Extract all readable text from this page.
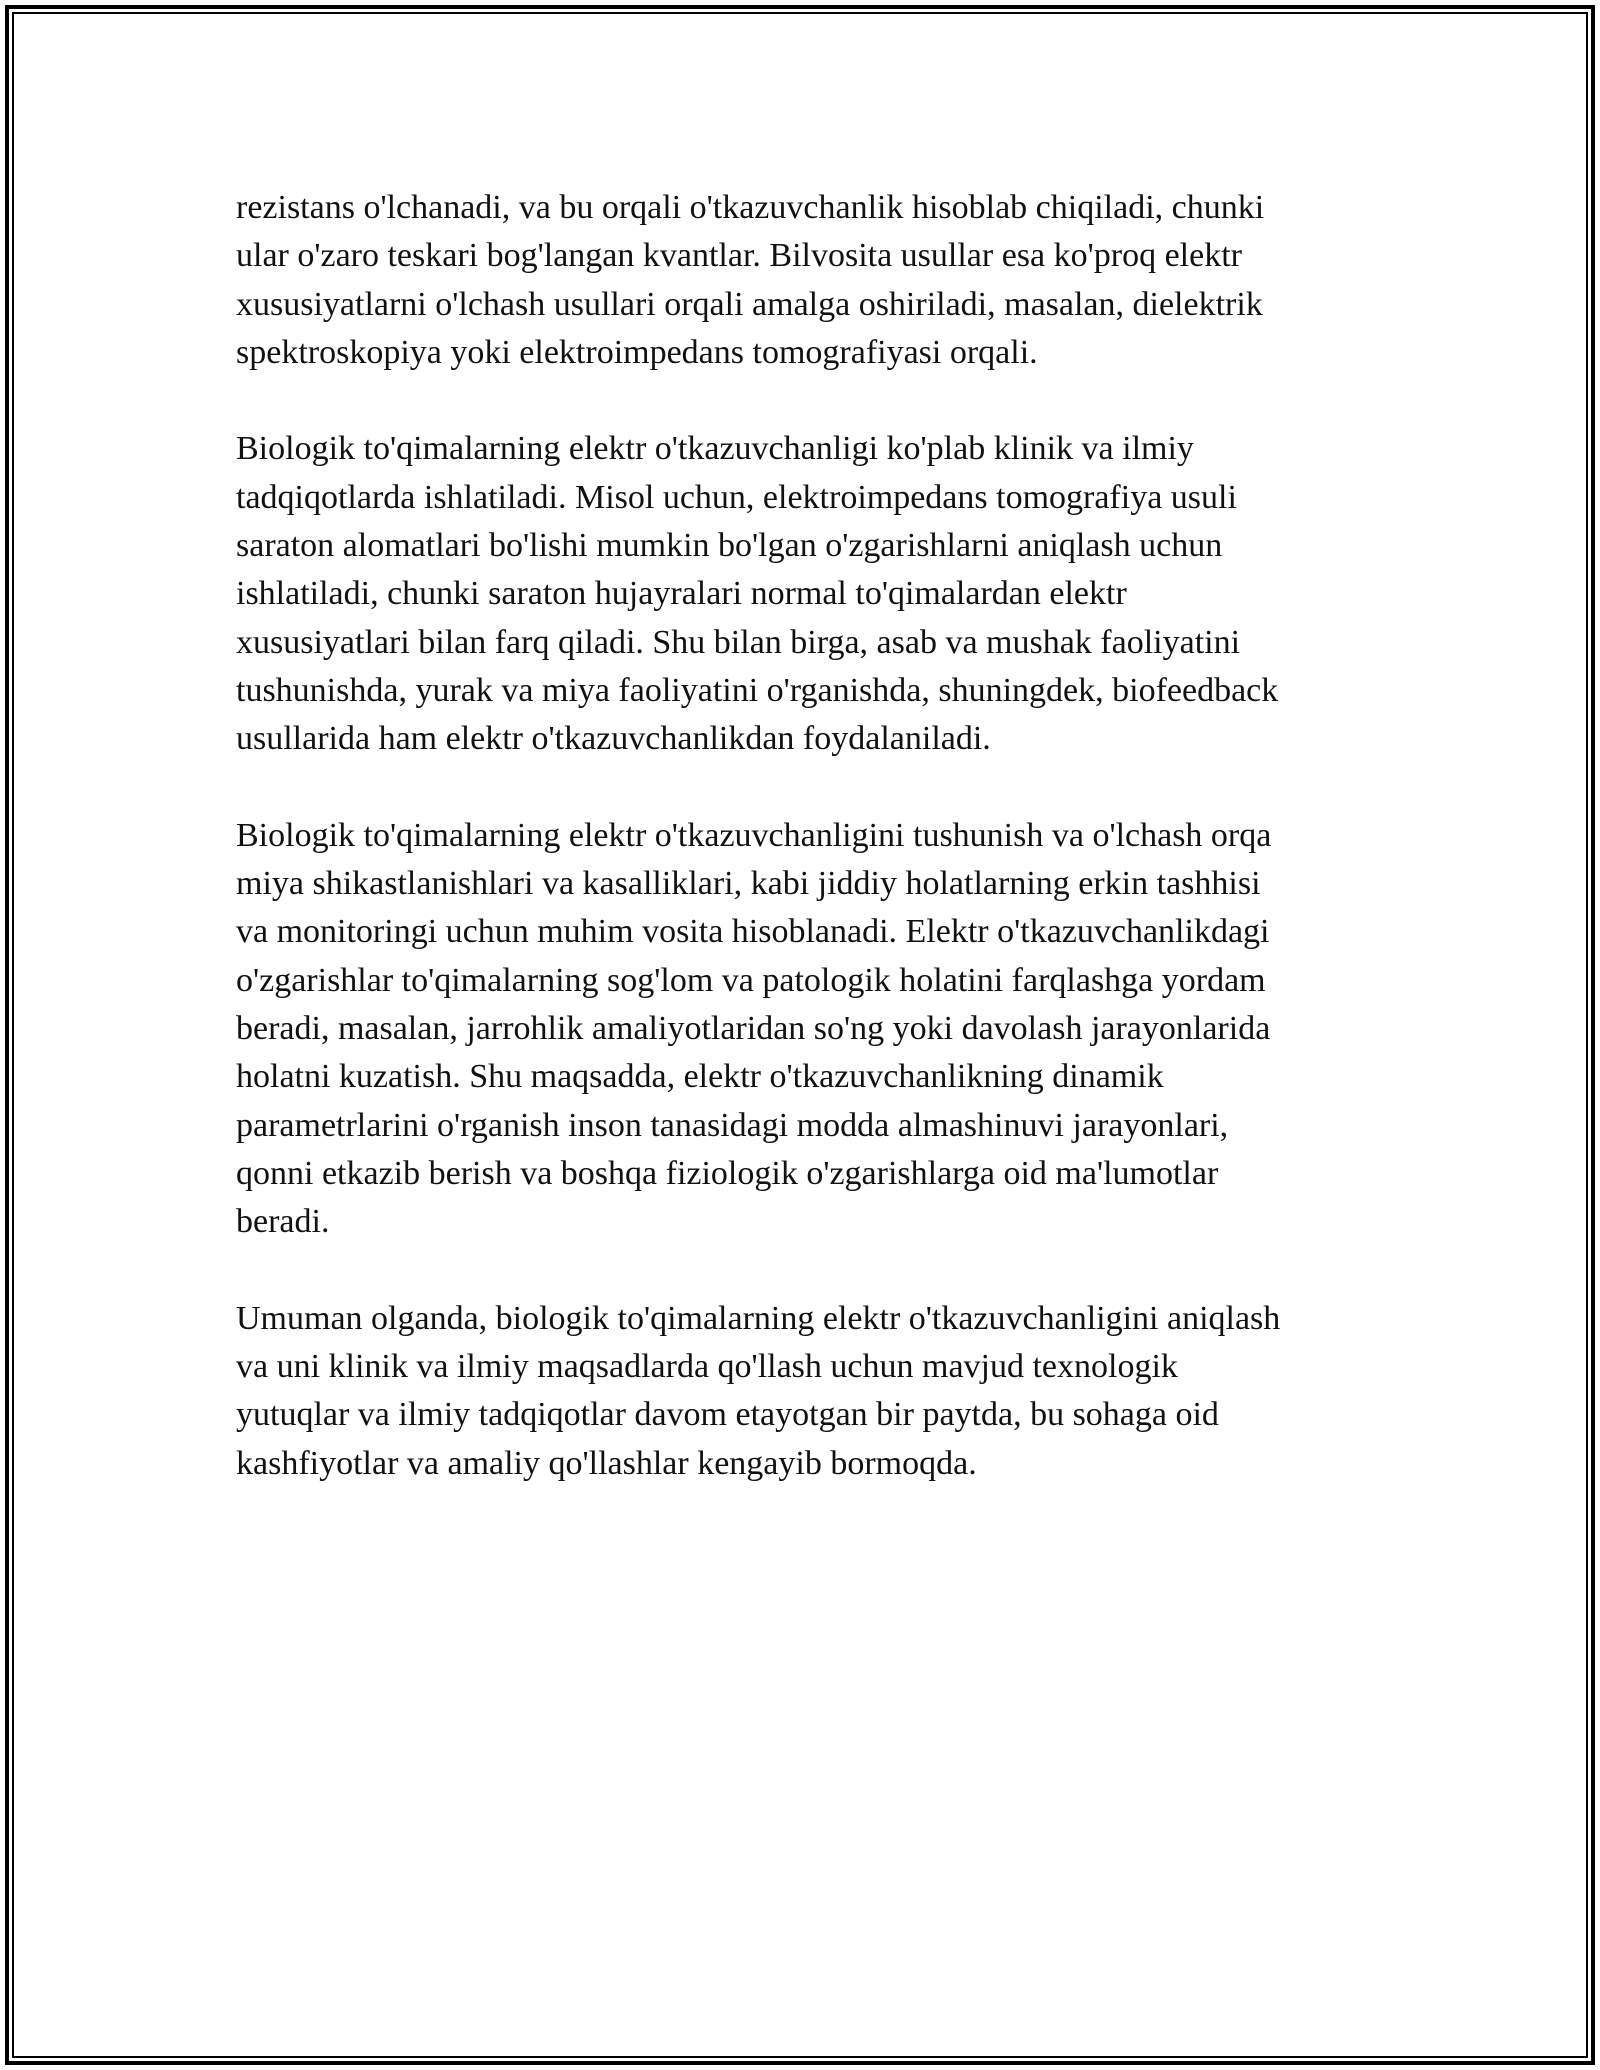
rezistans o'lchanadi, va bu orqali o'tkazuvchanlik hisoblab chiqiladi, chunki
ular o'zaro teskari bog'langan kvantlar. Bilvosita usullar esa ko'proq elektr
xususiyatlarni o'lchash usullari orqali amalga oshiriladi, masalan, dielektrik
spektroskopiya yoki elektroimpedans tomografiyasi orqali.

Biologik to'qimalarning elektr o'tkazuvchanligi ko'plab klinik va ilmiy
tadqiqotlarda ishlatiladi. Misol uchun, elektroimpedans tomografiya usuli
saraton alomatlari bo'lishi mumkin bo'lgan o'zgarishlarni aniqlash uchun
ishlatiladi, chunki saraton hujayralari normal to'qimalardan elektr
xususiyatlari bilan farq qiladi. Shu bilan birga, asab va mushak faoliyatini
tushunishda, yurak va miya faoliyatini o'rganishda, shuningdek, biofeedback
usullarida ham elektr o'tkazuvchanlikdan foydalaniladi.

Biologik to'qimalarning elektr o'tkazuvchanligini tushunish va o'lchash orqa
miya shikastlanishlari va kasalliklari, kabi jiddiy holatlarning erkin tashhisi
va monitoringi uchun muhim vosita hisoblanadi. Elektr o'tkazuvchanlikdagi
o'zgarishlar to'qimalarning sog'lom va patologik holatini farqlashga yordam
beradi, masalan, jarrohlik amaliyotlaridan so'ng yoki davolash jarayonlarida
holatni kuzatish. Shu maqsadda, elektr o'tkazuvchanlikning dinamik
parametrlarini o'rganish inson tanasidagi modda almashinuvi jarayonlari,
qonni etkazib berish va boshqa fiziologik o'zgarishlarga oid ma'lumotlar
beradi.

Umuman olganda, biologik to'qimalarning elektr o'tkazuvchanligini aniqlash
va uni klinik va ilmiy maqsadlarda qo'llash uchun mavjud texnologik
yutuqlar va ilmiy tadqiqotlar davom etayotgan bir paytda, bu sohaga oid
kashfiyotlar va amaliy qo'llashlar kengayib bormoqda.
